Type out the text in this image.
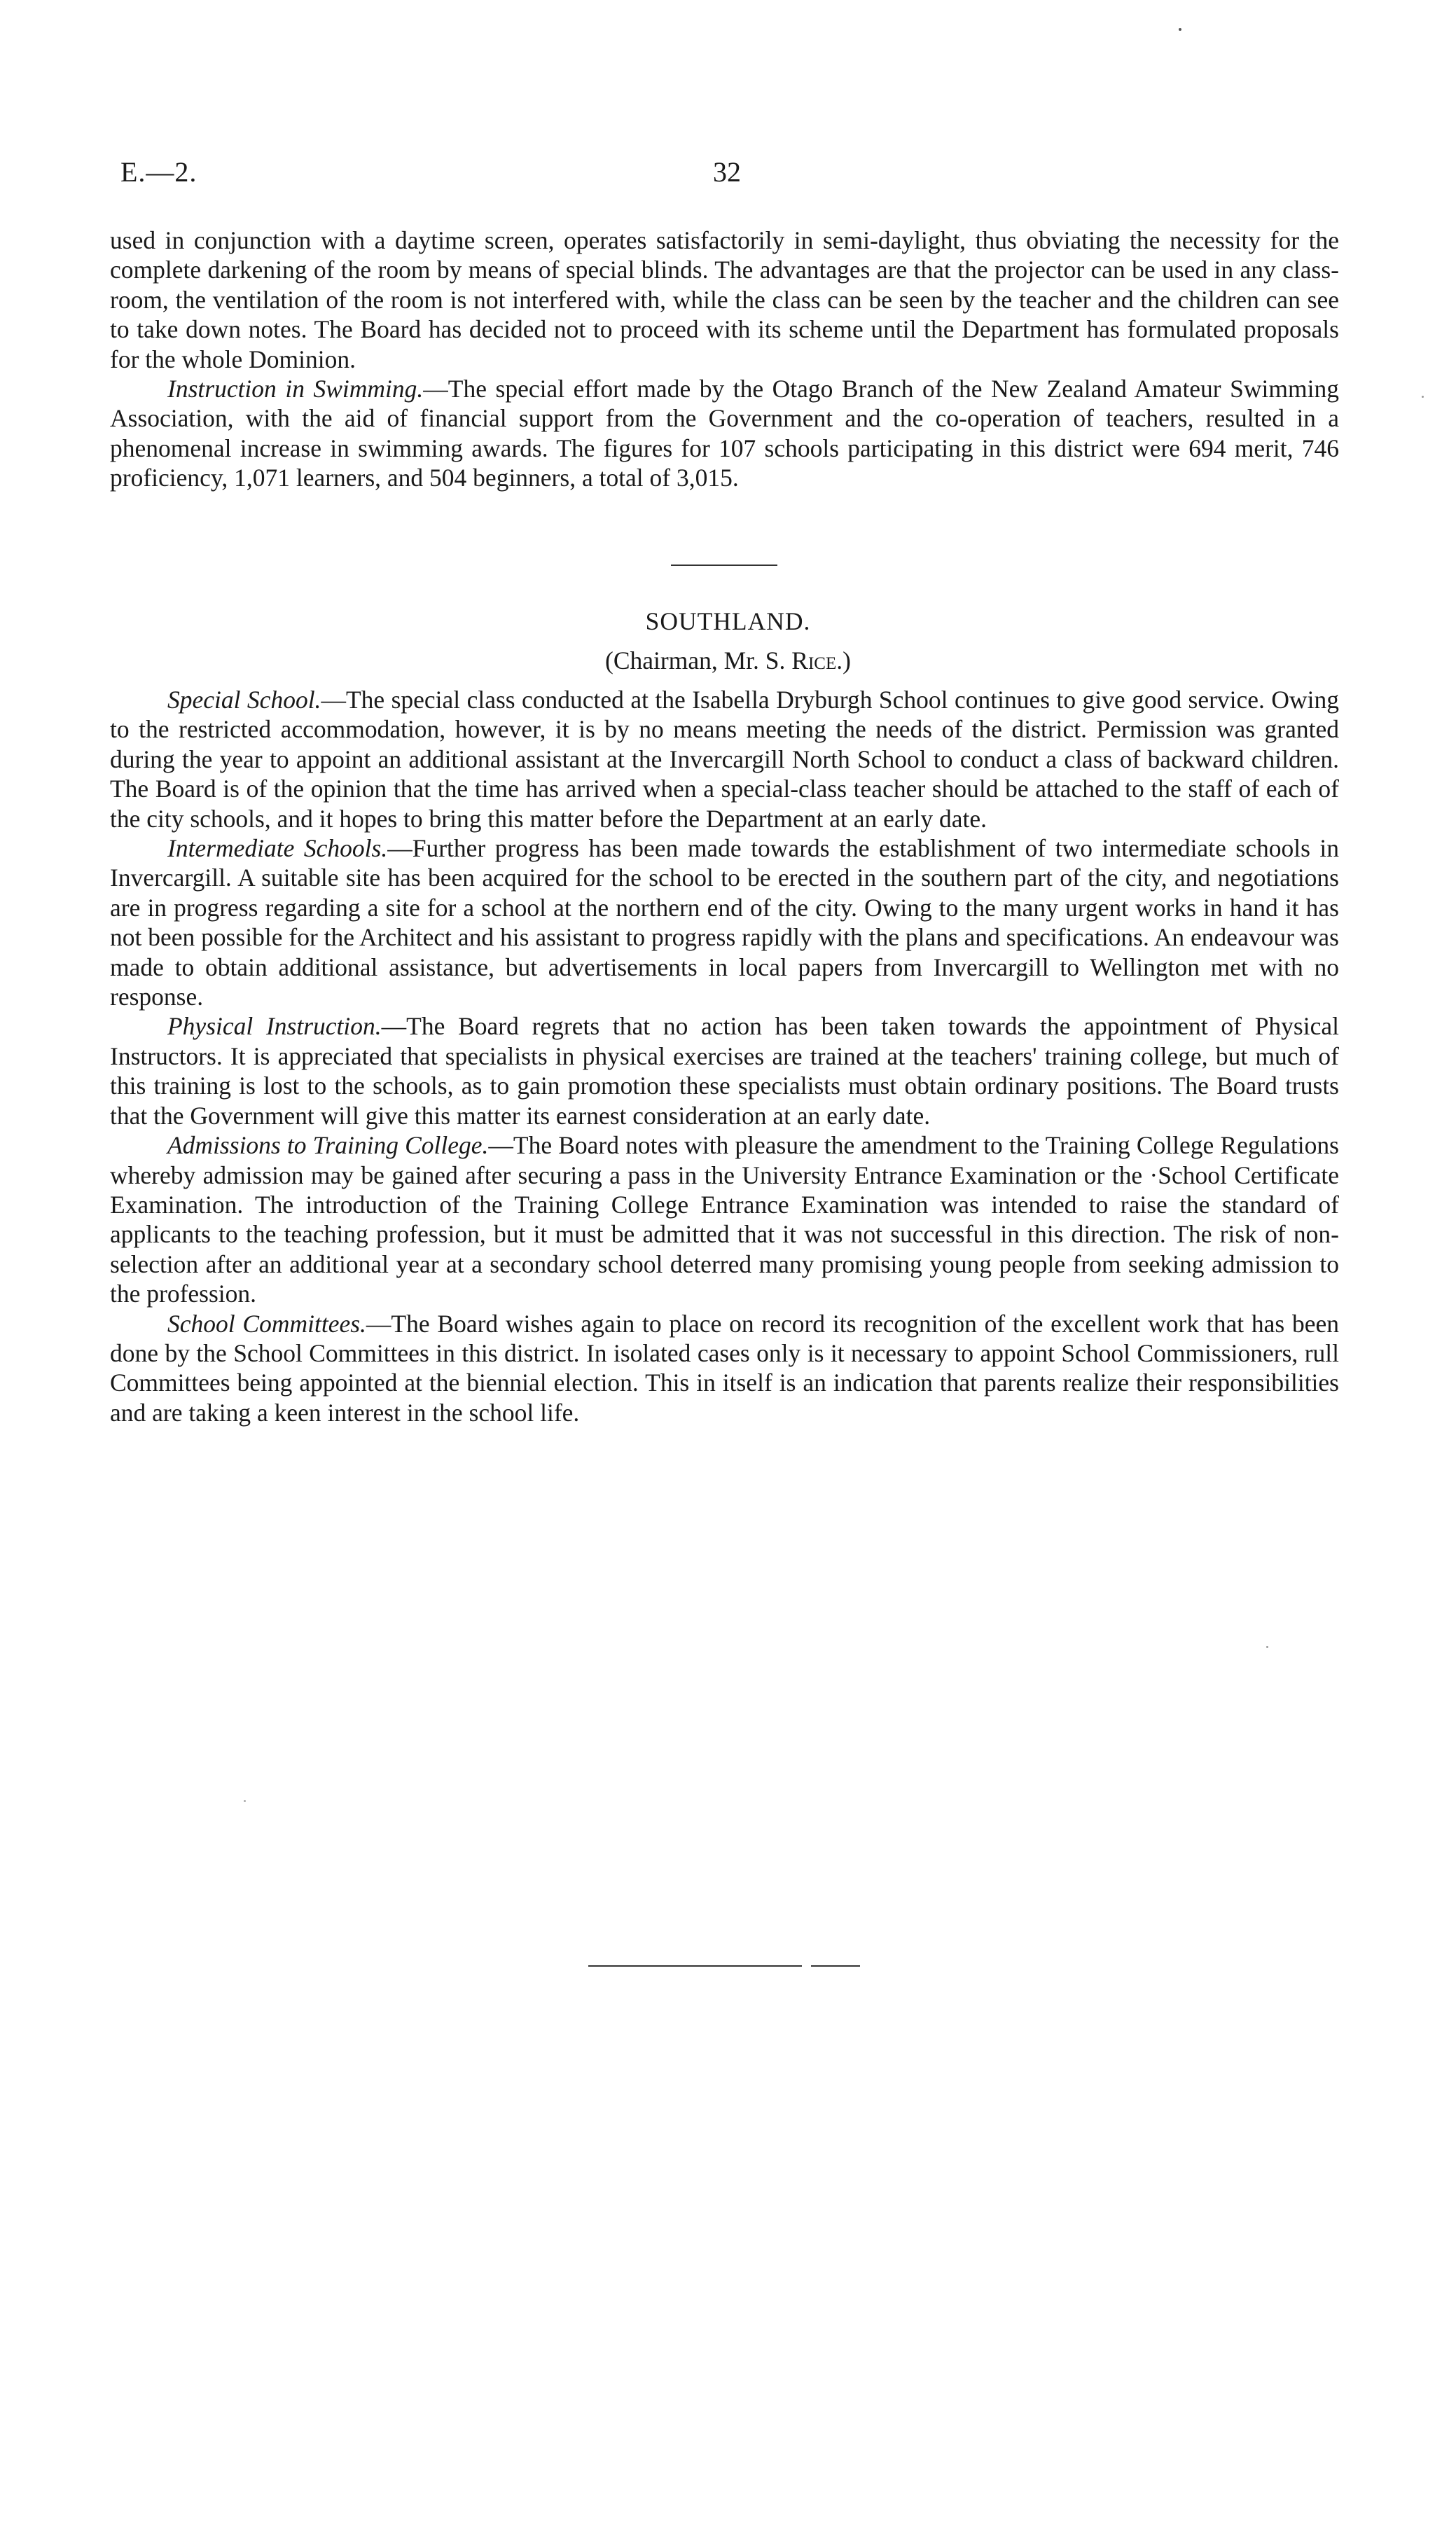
E.—2.	32

used in conjunction with a daytime screen, operates satisfactorily in semi-daylight, thus obviating the necessity for the complete darkening of the room by means of special blinds. The advantages are that the projector can be used in any class-room, the ventilation of the room is not interfered with, while the class can be seen by the teacher and the children can see to take down notes. The Board has decided not to proceed with its scheme until the Department has formulated proposals for the whole Dominion.

Instruction in Swimming.—The special effort made by the Otago Branch of the New Zealand Amateur Swimming Association, with the aid of financial support from the Government and the co-operation of teachers, resulted in a phenomenal increase in swimming awards. The figures for 107 schools participating in this district were 694 merit, 746 proficiency, 1,071 learners, and 504 beginners, a total of 3,015.

SOUTHLAND.
(Chairman, Mr. S. Rice.)

Special School.—The special class conducted at the Isabella Dryburgh School continues to give good service. Owing to the restricted accommodation, however, it is by no means meeting the needs of the district. Permission was granted during the year to appoint an additional assistant at the Invercargill North School to conduct a class of backward children. The Board is of the opinion that the time has arrived when a special-class teacher should be attached to the staff of each of the city schools, and it hopes to bring this matter before the Department at an early date.

Intermediate Schools.—Further progress has been made towards the establishment of two intermediate schools in Invercargill. A suitable site has been acquired for the school to be erected in the southern part of the city, and negotiations are in progress regarding a site for a school at the northern end of the city. Owing to the many urgent works in hand it has not been possible for the Architect and his assistant to progress rapidly with the plans and specifications. An endeavour was made to obtain additional assistance, but advertisements in local papers from Invercargill to Wellington met with no response.

Physical Instruction.—The Board regrets that no action has been taken towards the appointment of Physical Instructors. It is appreciated that specialists in physical exercises are trained at the teachers' training college, but much of this training is lost to the schools, as to gain promotion these specialists must obtain ordinary positions. The Board trusts that the Government will give this matter its earnest consideration at an early date.

Admissions to Training College.—The Board notes with pleasure the amendment to the Training College Regulations whereby admission may be gained after securing a pass in the University Entrance Examination or the ·School Certificate Examination. The introduction of the Training College Entrance Examination was intended to raise the standard of applicants to the teaching profession, but it must be admitted that it was not successful in this direction. The risk of non-selection after an additional year at a secondary school deterred many promising young people from seeking admission to the profession.

School Committees.—The Board wishes again to place on record its recognition of the excellent work that has been done by the School Committees in this district. In isolated cases only is it necessary to appoint School Commissioners, rull Committees being appointed at the biennial election. This in itself is an indication that parents realize their responsibilities and are taking a keen interest in the school life.
